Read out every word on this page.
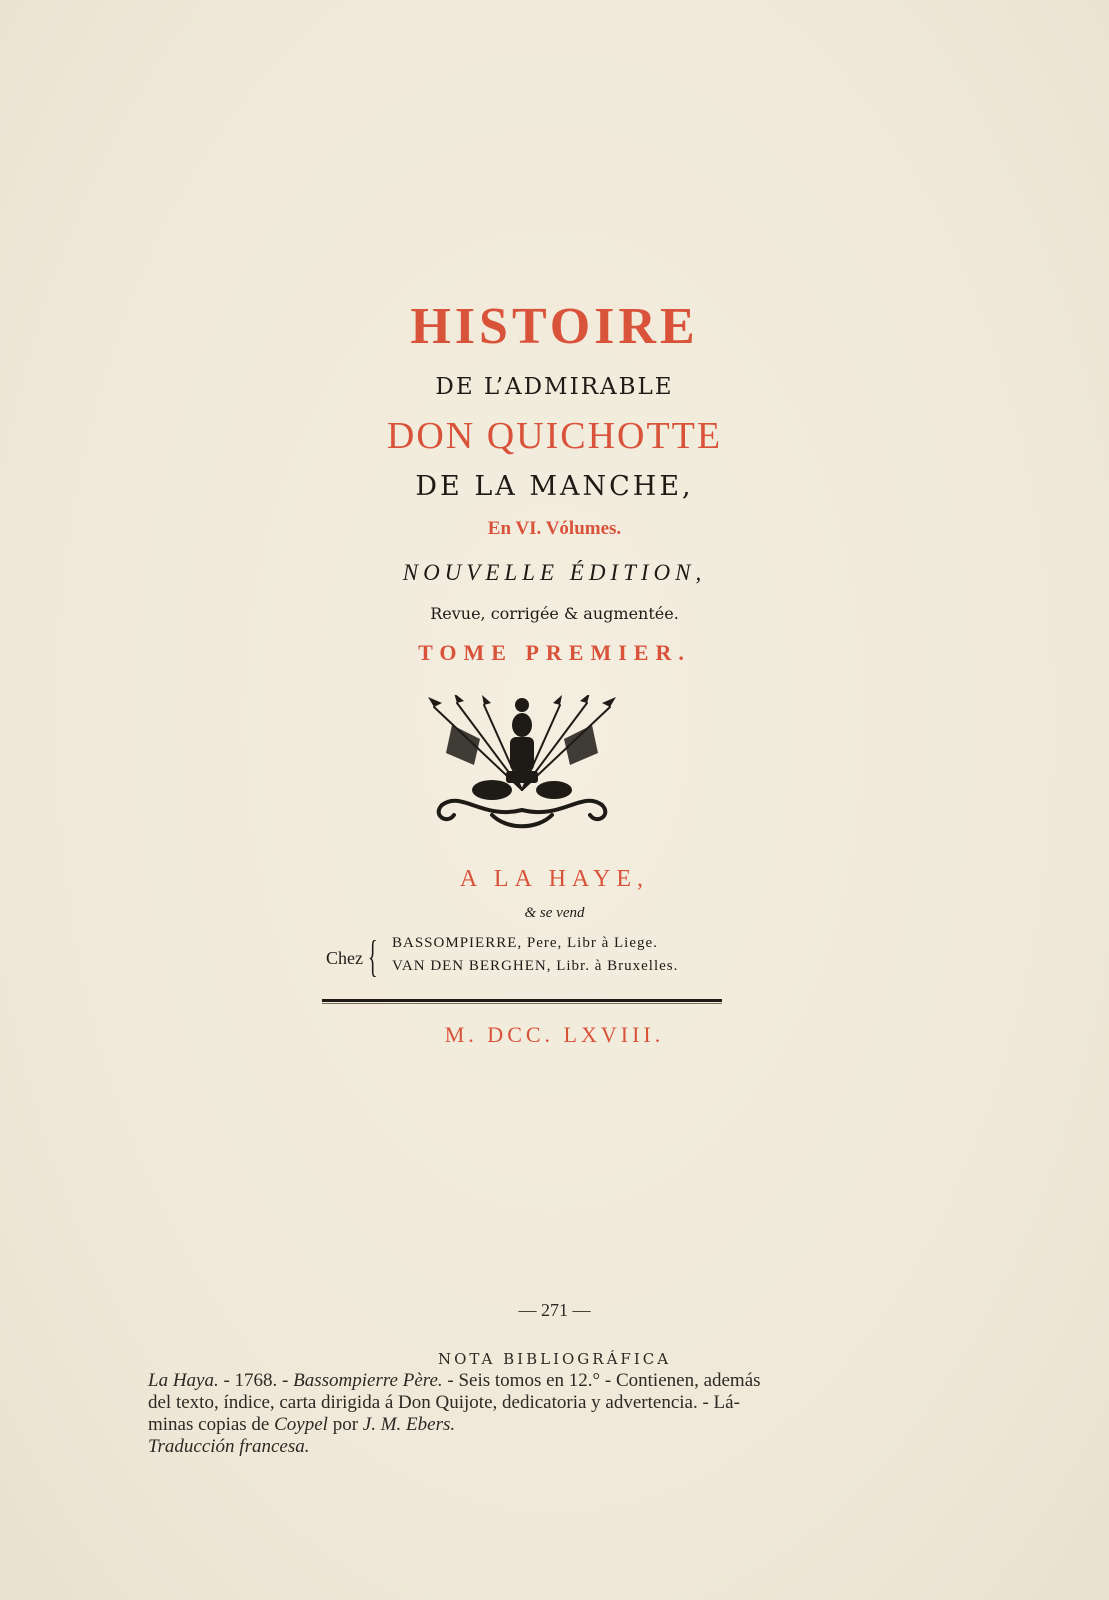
HISTOIRE

DE L’ADMIRABLE

DON QUICHOTTE

DE LA MANCHE,

En VI. Vólumes.

NOUVELLE ÉDITION,

Revue, corrigée & augmentée.

TOME PREMIER.

A LA HAYE,

& se vend

Chez { BASSOMPIERRE, Pere, Libr à Liege.
VAN DEN BERGHEN, Libr. à Bruxelles.

M. DCC. LXVIII.

— 271 —

NOTA BIBLIOGRÁFICA

La Haya. - 1768. - Bassompierre Père. - Seis tomos en 12.° - Contienen, además

del texto, índice, carta dirigida á Don Quijote, dedicatoria y advertencia. - Lá-

minas copias de Coypel por J. M. Ebers.

Traducción francesa.
